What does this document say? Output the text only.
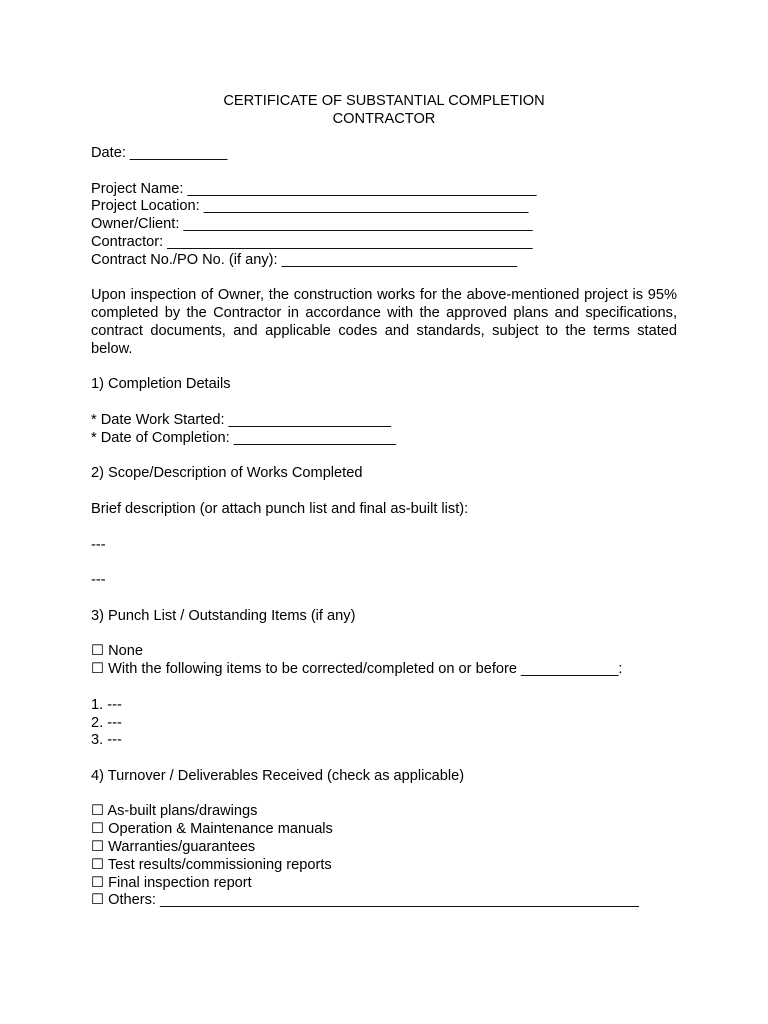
CERTIFICATE OF SUBSTANTIAL COMPLETION
CONTRACTOR
Date: ____________
Project Name: ___________________________________________
Project Location: ________________________________________
Owner/Client: ___________________________________________
Contractor: _____________________________________________
Contract No./PO No. (if any): _____________________________
Upon inspection of Owner, the construction works for the above-mentioned project is 95% completed by the Contractor in accordance with the approved plans and specifications, contract documents, and applicable codes and standards, subject to the terms stated below.
1) Completion Details
* Date Work Started: ____________________
* Date of Completion: ____________________
2) Scope/Description of Works Completed
Brief description (or attach punch list and final as-built list):
---
---
3) Punch List / Outstanding Items (if any)
☐ None
☐ With the following items to be corrected/completed on or before ____________:
1. ---
2. ---
3. ---
4) Turnover / Deliverables Received (check as applicable)
☐ As-built plans/drawings
☐ Operation & Maintenance manuals
☐ Warranties/guarantees
☐ Test results/commissioning reports
☐ Final inspection report
☐ Others: ___________________________________________________________
